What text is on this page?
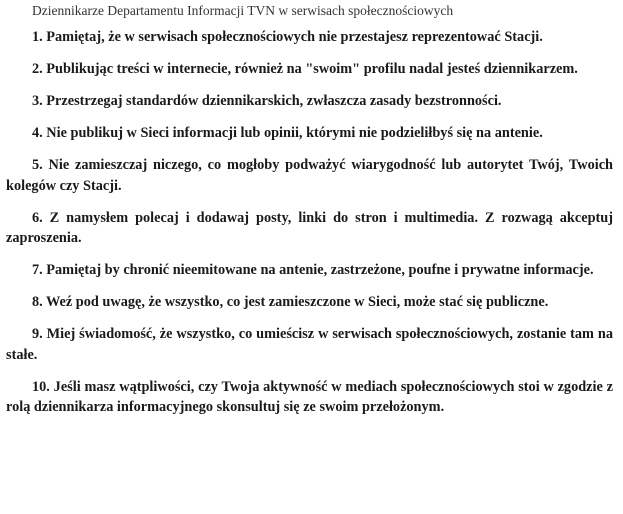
Dziennikarze Departamentu Informacji TVN w serwisach społecznościowych
1. Pamiętaj, że w serwisach społecznościowych nie przestajesz reprezentować Stacji.
2. Publikując treści w internecie, również na "swoim" profilu nadal jesteś dziennikarzem.
3. Przestrzegaj standardów dziennikarskich, zwłaszcza zasady bezstronności.
4. Nie publikuj w Sieci informacji lub opinii, którymi nie podzieliłbyś się na antenie.
5. Nie zamieszczaj niczego, co mogłoby podważyć wiarygodność lub autorytet Twój, Twoich kolegów czy Stacji.
6. Z namysłem polecaj i dodawaj posty, linki do stron i multimedia. Z rozwagą akceptuj zaproszenia.
7. Pamiętaj by chronić nieemitowane na antenie, zastrzeżone, poufne i prywatne informacje.
8. Weź pod uwagę, że wszystko, co jest zamieszczone w Sieci, może stać się publiczne.
9. Miej świadomość, że wszystko, co umieścisz w serwisach społecznościowych, zostanie tam na stałe.
10. Jeśli masz wątpliwości, czy Twoja aktywność w mediach społecznościowych stoi w zgodzie z rolą dziennikarza informacyjnego skonsultuj się ze swoim przełożonym.
